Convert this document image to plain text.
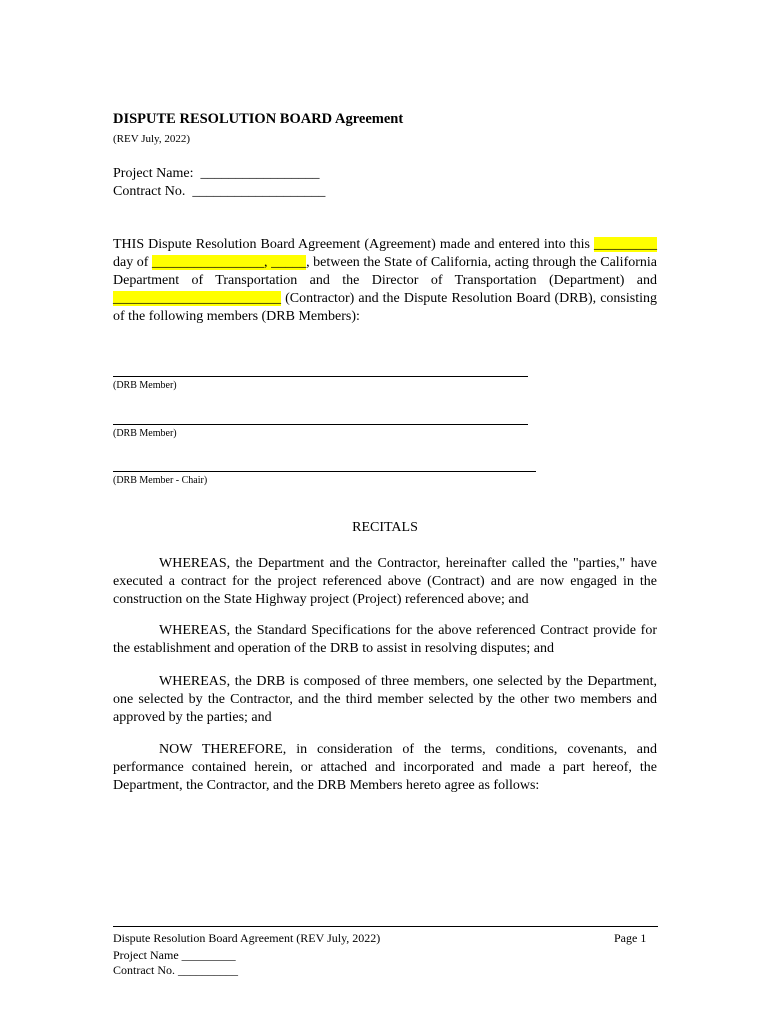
DISPUTE RESOLUTION BOARD Agreement
(REV July, 2022)
Project Name: _________________
Contract No. ___________________
THIS Dispute Resolution Board Agreement (Agreement) made and entered into this _________ day of ________________, _____, between the State of California, acting through the California Department of Transportation and the Director of Transportation (Department) and ________________________ (Contractor) and the Dispute Resolution Board (DRB), consisting of the following members (DRB Members):
(DRB Member)
(DRB Member)
(DRB Member - Chair)
RECITALS
WHEREAS, the Department and the Contractor, hereinafter called the "parties," have executed a contract for the project referenced above (Contract) and are now engaged in the construction on the State Highway project (Project) referenced above; and
WHEREAS, the Standard Specifications for the above referenced Contract provide for the establishment and operation of the DRB to assist in resolving disputes; and
WHEREAS, the DRB is composed of three members, one selected by the Department, one selected by the Contractor, and the third member selected by the other two members and approved by the parties; and
NOW THEREFORE, in consideration of the terms, conditions, covenants, and performance contained herein, or attached and incorporated and made a part hereof, the Department, the Contractor, and the DRB Members hereto agree as follows:
Dispute Resolution Board Agreement (REV July, 2022)	Page 1
Project Name _________
Contract No. __________
